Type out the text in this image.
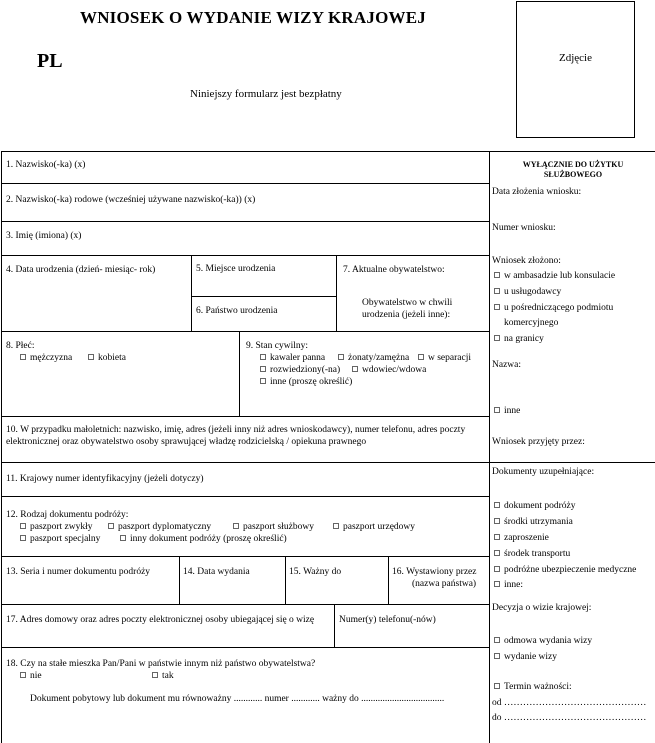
WNIOSEK O WYDANIE WIZY KRAJOWEJ
PL
Niniejszy formularz jest bezpłatny
Zdjęcie
1. Nazwisko(-ka) (x)
2. Nazwisko(-ka) rodowe (wcześniej używane nazwisko(-ka)) (x)
3. Imię (imiona) (x)
4. Data urodzenia (dzień- miesiąc- rok)	5. Miejsce urodzenia
6. Państwo urodzenia
7. Aktualne obywatelstwo:
Obywatelstwo w chwili
urodzenia (jeżeli inne):
8. Płeć:
mężczyzna	kobieta
9. Stan cywilny:
kawaler panna	żonaty/zamężna	w separacji
rozwiedziony(-na)	wdowiec/wdowa
inne (proszę określić)
10. W przypadku małoletnich: nazwisko, imię, adres (jeżeli inny niż adres wnioskodawcy), numer telefonu, adres poczty elektronicznej oraz obywatelstwo osoby sprawującej władzę rodzicielską / opiekuna prawnego
11. Krajowy numer identyfikacyjny (jeżeli dotyczy)
12. Rodzaj dokumentu podróży:
paszport zwykły	paszport dyplomatyczny	paszport służbowy	paszport urzędowy
paszport specjalny	inny dokument podróży (proszę określić)
13. Seria i numer dokumentu podróży	14. Data wydania	15. Ważny do	16. Wystawiony przez
(nazwa państwa)
17. Adres domowy oraz adres poczty elektronicznej osoby ubiegającej się o wizę	Numer(y) telefonu(-nów)
18. Czy na stałe mieszka Pan/Pani w państwie innym niż państwo obywatelstwa?
nie	tak
Dokument pobytowy lub dokument mu równoważny ............ numer ............ ważny do ...................................
WYŁĄCZNIE DO UŻYTKU
SŁUŻBOWEGO
Data złożenia wniosku:
Numer wniosku:
Wniosek złożono:
w ambasadzie lub konsulacie
u usługodawcy
u pośredniczącego podmiotu
komercyjnego
na granicy
Nazwa:
inne
Wniosek przyjęty przez:
Dokumenty uzupełniające:
dokument podróży
środki utrzymania
zaproszenie
środek transportu
podróżne ubezpieczenie medyczne
inne:
Decyzja o wizie krajowej:
odmowa wydania wizy
wydanie wizy
Termin ważności:
od ………………………………………
do ………………………………………
